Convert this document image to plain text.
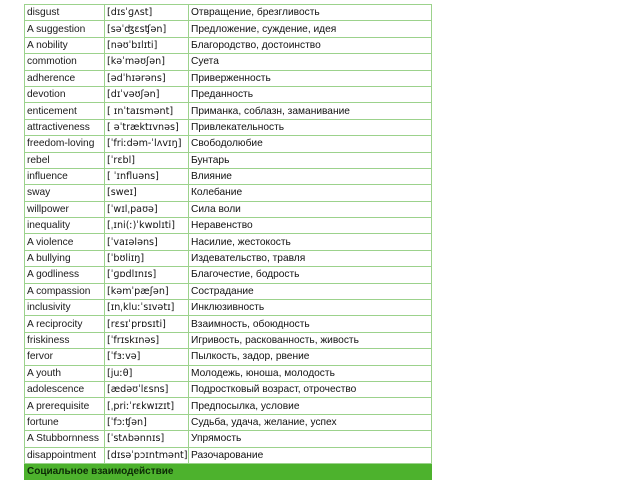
disgust	[dɪsˈɡʌst]	Отвращение, брезгливость	
A suggestion	[səˈʤɛsʧən]	Предложение, суждение, идея	
A nobility	[nəʊˈbɪlɪti]	Благородство, достоинство	
commotion	[kəˈməʊʃən]	Суета	
adherence	[ədˈhɪərəns]	Приверженность	
devotion	[dɪˈvəʊʃən]	Преданность	
enticement	[ ɪnˈtaɪsmənt]	Приманка, соблазн, заманивание	
attractiveness	[ əˈtræktɪvnəs]	Привлекательность	
freedom-loving	[ˈfriːdəm-ˈlʌvɪŋ]	Свободолюбие	
rebel	[ˈrɛbl]	Бунтарь	
influence	[ ˈɪnfluəns]	Влияние	
sway	[sweɪ]	Колебание	
willpower	[ˈwɪlˌpaʊə]	Сила воли	
inequality	[ˌɪni(ː)ˈkwɒlɪti]	Неравенство	
A violence	[ˈvaɪələns]	Насилие, жестокость	
A bullying	[ˈbʊliɪŋ]	Издевательство, травля	
A godliness	[ˈɡɒdlɪnɪs]	Благочестие, бодрость	
A compassion	[kəmˈpæʃən]	Сострадание	
inclusivity	[ɪnˌkluːˈsɪvətɪ]	Инклюзивность	
A reciprocity	[rɛsɪˈprɒsɪti]	Взаимность, обоюдность	
friskiness	[ˈfrɪskɪnəs]	Игривость, раскованность, живость	
fervor	[ˈfɜːvə]	Пылкость, задор, рвение	
A youth	[juːθ]	Молодежь, юноша, молодость	
adolescence	[ædəʊˈlɛsns]	Подростковый возраст, отрочество	
A prerequisite	[ˌpriːˈrɛkwɪzɪt]	Предпосылка, условие	
fortune	[ˈfɔːʧən]	Судьба, удача, желание, успех	
A Stubbornness	[ˈstʌbənnɪs]	Упрямость	
disappointment	[dɪsəˈpɔɪntmənt]	Разочарование	
Социальное взаимодействие			
